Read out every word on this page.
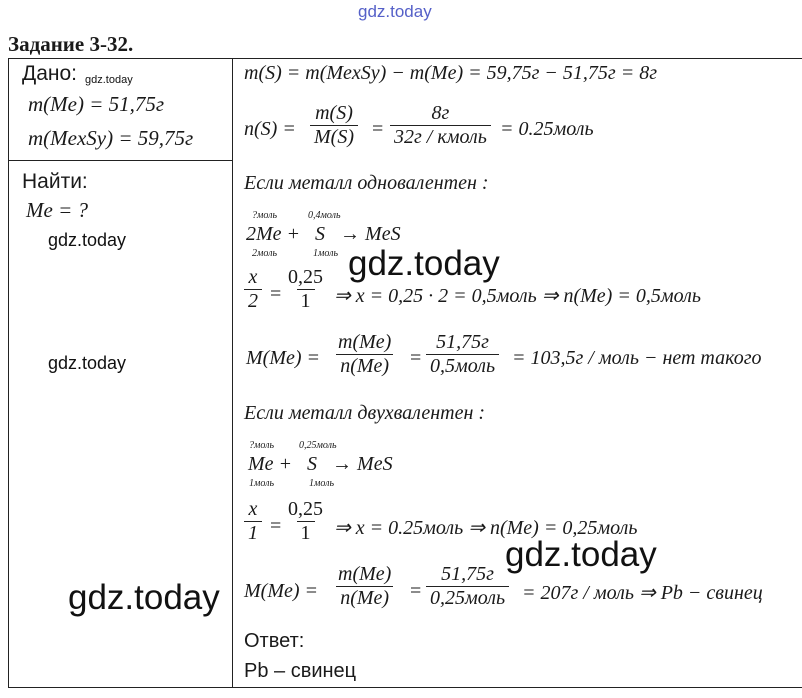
gdz.today
Задание 3-32.
Дано: gdz.today
m(Me) = 51,75г
m(MexSy) = 59,75г
Найти:
Me = ?
gdz.today
gdz.today
m(S) = m(MexSy) − m(Me) = 59,75г − 51,75г = 8г
$n(S) = \frac{m(S)}{M(S)}$ =
8г
32г / кмоль = 0.25моль
Если металл одновалентен :
?моль	0,4моль
2Me +   S   → MeS
2моль	1моль
$\frac{x}{2} = \frac{0,25}{1}$ ⇒ x = 0,25 · 2 = 0,5моль ⇒ n(Me) = 0,5моль
$M(Me) = \frac{m(Me)}{n(Me)}$ =
51,75г
0,5моль = 103,5г / моль − нет такого
Если металл двухвалентен :
?моль 0,25моль
Me +   S   → MeS
1моль	1моль
$\frac{x}{1} = \frac{0,25}{1}$ ⇒ x = 0.25моль ⇒ n(Me) = 0,25моль
$M(Me) = \frac{m(Me)}{n(Me)}$ =
51,75г
0,25моль = 207г / моль ⇒ Pb − свинец
Ответ:
Pb – свинец
gdz.today
gdz.today
gdz.today
